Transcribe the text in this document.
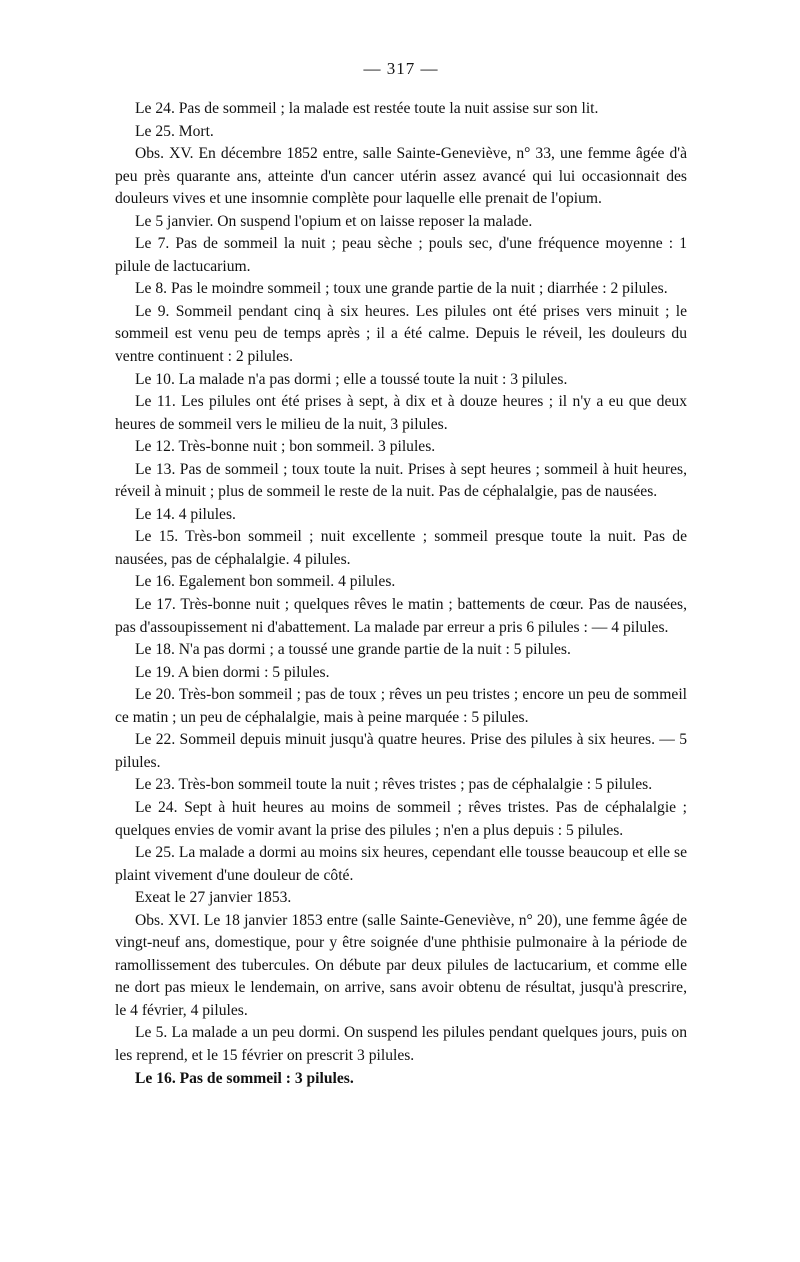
— 317 —

Le 24. Pas de sommeil ; la malade est restée toute la nuit assise sur son lit.

Le 25. Mort.

Obs. XV. En décembre 1852 entre, salle Sainte-Geneviève, n° 33, une femme âgée d'à peu près quarante ans, atteinte d'un cancer utérin assez avancé qui lui occasionnait des douleurs vives et une insomnie complète pour laquelle elle prenait de l'opium.

Le 5 janvier. On suspend l'opium et on laisse reposer la malade.

Le 7. Pas de sommeil la nuit ; peau sèche ; pouls sec, d'une fréquence moyenne : 1 pilule de lactucarium.

Le 8. Pas le moindre sommeil ; toux une grande partie de la nuit ; diarrhée : 2 pilules.

Le 9. Sommeil pendant cinq à six heures. Les pilules ont été prises vers minuit ; le sommeil est venu peu de temps après ; il a été calme. Depuis le réveil, les douleurs du ventre continuent : 2 pilules.

Le 10. La malade n'a pas dormi ; elle a toussé toute la nuit : 3 pilules.

Le 11. Les pilules ont été prises à sept, à dix et à douze heures ; il n'y a eu que deux heures de sommeil vers le milieu de la nuit, 3 pilules.

Le 12. Très-bonne nuit ; bon sommeil. 3 pilules.

Le 13. Pas de sommeil ; toux toute la nuit. Prises à sept heures ; sommeil à huit heures, réveil à minuit ; plus de sommeil le reste de la nuit. Pas de céphalalgie, pas de nausées.

Le 14. 4 pilules.

Le 15. Très-bon sommeil ; nuit excellente ; sommeil presque toute la nuit. Pas de nausées, pas de céphalalgie. 4 pilules.

Le 16. Egalement bon sommeil. 4 pilules.

Le 17. Très-bonne nuit ; quelques rêves le matin ; battements de cœur. Pas de nausées, pas d'assoupissement ni d'abattement. La malade par erreur a pris 6 pilules : — 4 pilules.

Le 18. N'a pas dormi ; a toussé une grande partie de la nuit : 5 pilules.

Le 19. A bien dormi : 5 pilules.

Le 20. Très-bon sommeil ; pas de toux ; rêves un peu tristes ; encore un peu de sommeil ce matin ; un peu de céphalalgie, mais à peine marquée : 5 pilules.

Le 22. Sommeil depuis minuit jusqu'à quatre heures. Prise des pilules à six heures. — 5 pilules.

Le 23. Très-bon sommeil toute la nuit ; rêves tristes ; pas de céphalalgie : 5 pilules.

Le 24. Sept à huit heures au moins de sommeil ; rêves tristes. Pas de céphalalgie ; quelques envies de vomir avant la prise des pilules ; n'en a plus depuis : 5 pilules.

Le 25. La malade a dormi au moins six heures, cependant elle tousse beaucoup et elle se plaint vivement d'une douleur de côté.

Exeat le 27 janvier 1853.

Obs. XVI. Le 18 janvier 1853 entre (salle Sainte-Geneviève, n° 20), une femme âgée de vingt-neuf ans, domestique, pour y être soignée d'une phthisie pulmonaire à la période de ramollissement des tubercules. On débute par deux pilules de lactucarium, et comme elle ne dort pas mieux le lendemain, on arrive, sans avoir obtenu de résultat, jusqu'à prescrire, le 4 février, 4 pilules.

Le 5. La malade a un peu dormi. On suspend les pilules pendant quelques jours, puis on les reprend, et le 15 février on prescrit 3 pilules.

Le 16. Pas de sommeil : 3 pilules.
